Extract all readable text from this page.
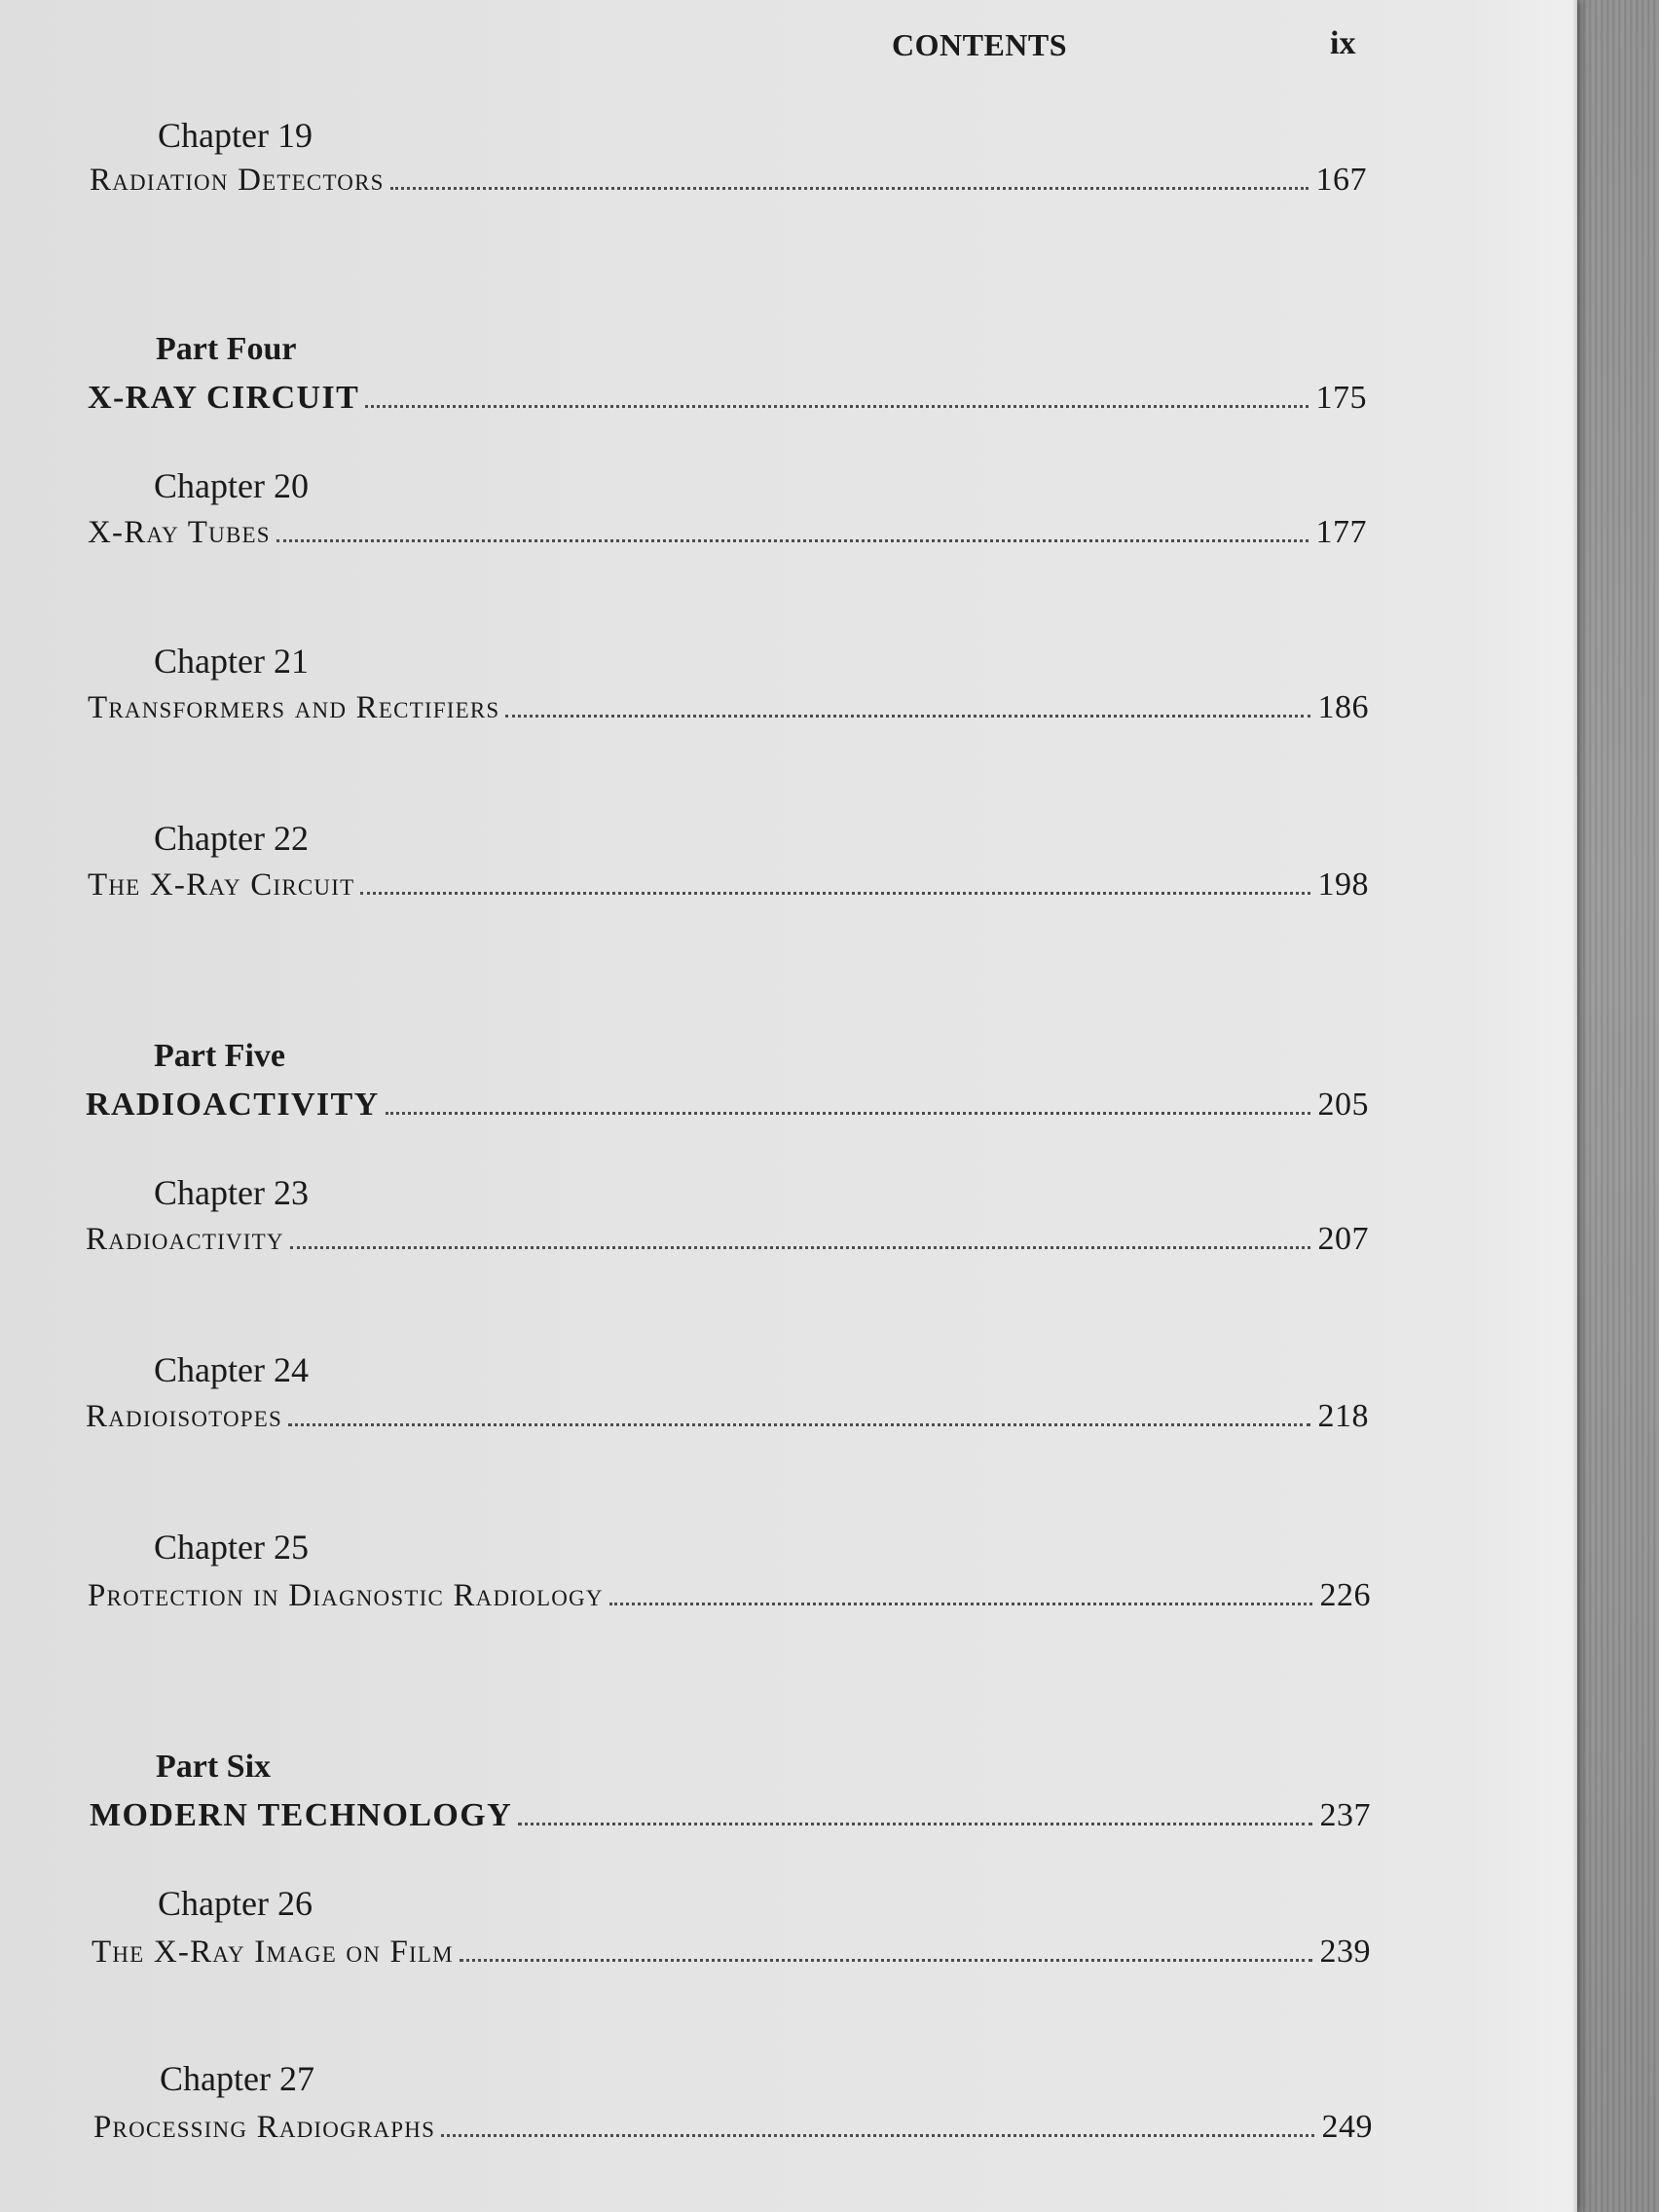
CONTENTS	ix
Chapter 19
Radiation Detectors	167
Part Four
X-RAY CIRCUIT	175
Chapter 20
X-Ray Tubes	177
Chapter 21
Transformers and Rectifiers	186
Chapter 22
The X-Ray Circuit	198
Part Five
RADIOACTIVITY	205
Chapter 23
Radioactivity	207
Chapter 24
Radioisotopes	218
Chapter 25
Protection in Diagnostic Radiology	226
Part Six
MODERN TECHNOLOGY	237
Chapter 26
The X-Ray Image on Film	239
Chapter 27
Processing Radiographs	249
